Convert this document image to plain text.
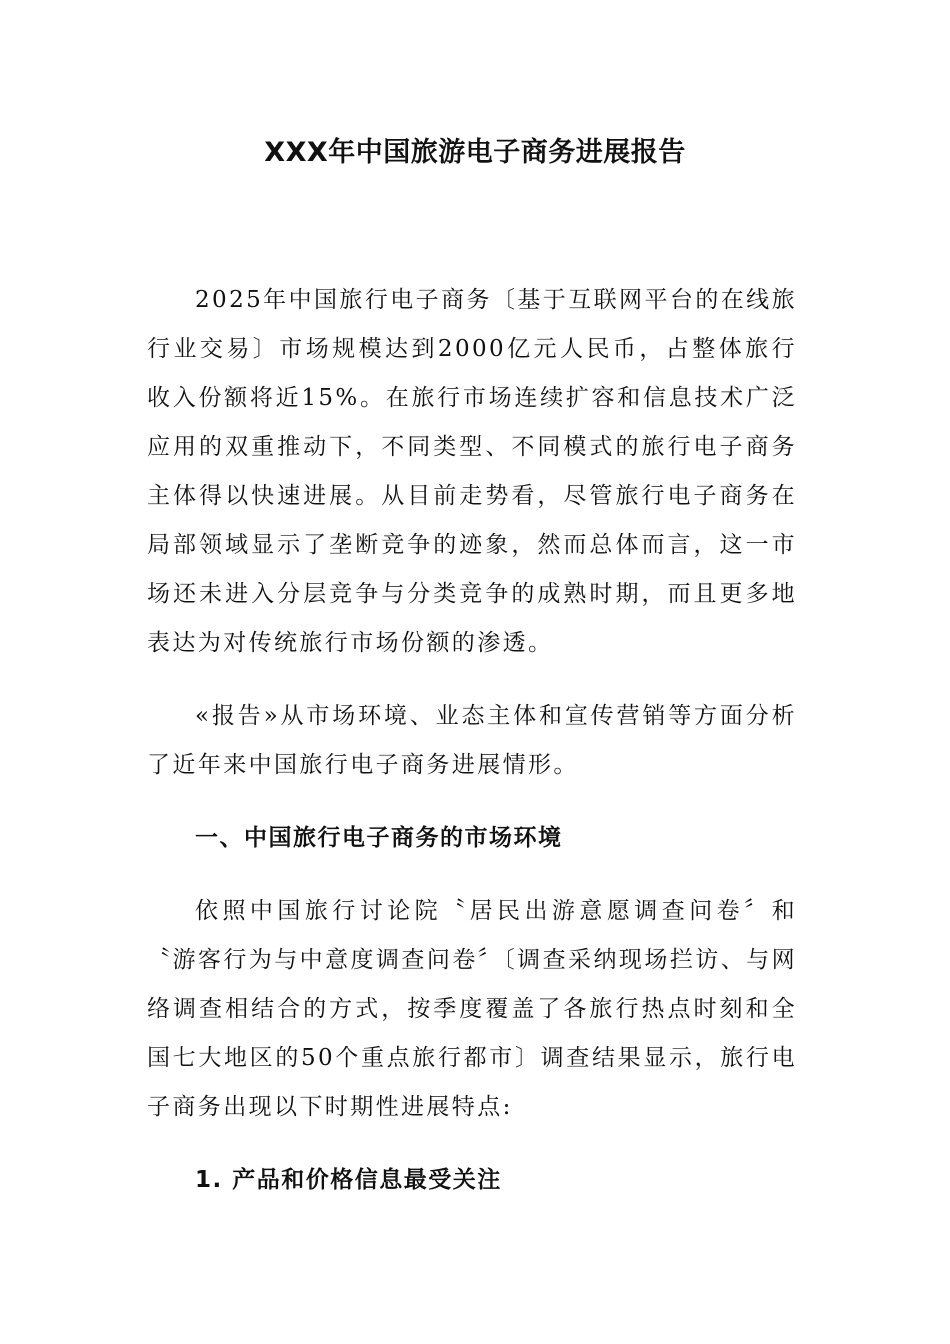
XXX年中国旅游电子商务进展报告

2025年中国旅行电子商务〔基于互联网平台的在线旅行业交易〕市场规模达到2000亿元人民币，占整体旅行收入份额将近15%。在旅行市场连续扩容和信息技术广泛应用的双重推动下，不同类型、不同模式的旅行电子商务主体得以快速进展。从目前走势看，尽管旅行电子商务在局部领域显示了垄断竞争的迹象，然而总体而言，这一市场还未进入分层竞争与分类竞争的成熟时期，而且更多地表达为对传统旅行市场份额的渗透。

«报告»从市场环境、业态主体和宣传营销等方面分析了近年来中国旅行电子商务进展情形。

一、中国旅行电子商务的市场环境

依照中国旅行讨论院〝居民出游意愿调查问卷〞和〝游客行为与中意度调查问卷〞〔调查采纳现场拦访、与网络调查相结合的方式，按季度覆盖了各旅行热点时刻和全国七大地区的50个重点旅行都市〕调查结果显示，旅行电子商务出现以下时期性进展特点:

1. 产品和价格信息最受关注
